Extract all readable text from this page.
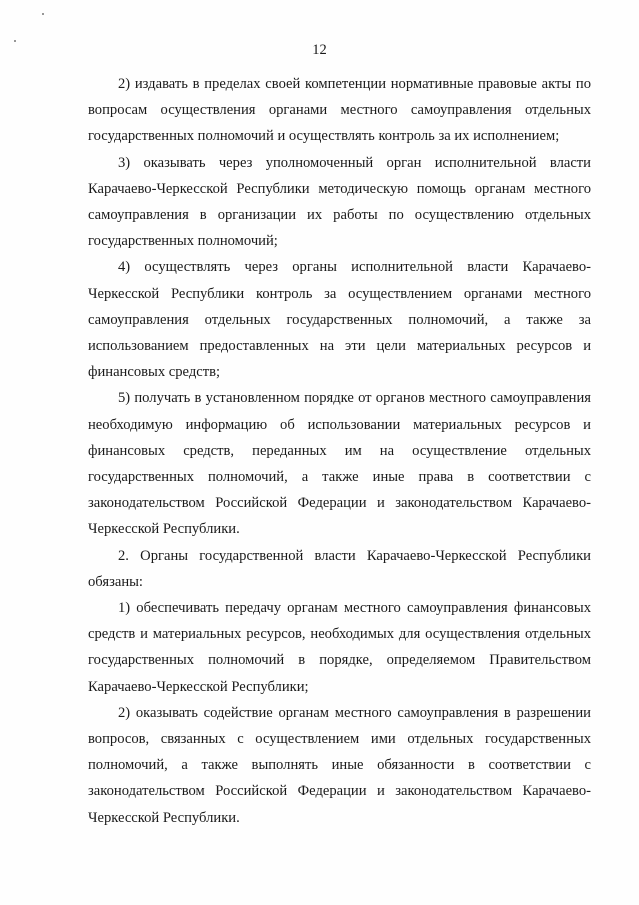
12

2) издавать в пределах своей компетенции нормативные правовые акты по вопросам осуществления органами местного самоуправления отдельных государственных полномочий и осуществлять контроль за их исполнением;

3) оказывать через уполномоченный орган исполнительной власти Карачаево-Черкесской Республики методическую помощь органам местного самоуправления в организации их работы по осуществлению отдельных государственных полномочий;

4) осуществлять через органы исполнительной власти Карачаево-Черкесской Республики контроль за осуществлением органами местного самоуправления отдельных государственных полномочий, а также за использованием предоставленных на эти цели материальных ресурсов и финансовых средств;

5) получать в установленном порядке от органов местного самоуправления необходимую информацию об использовании материальных ресурсов и финансовых средств, переданных им на осуществление отдельных государственных полномочий, а также иные права в соответствии с законодательством Российской Федерации и законодательством Карачаево-Черкесской Республики.

2. Органы государственной власти Карачаево-Черкесской Республики обязаны:

1) обеспечивать передачу органам местного самоуправления финансовых средств и материальных ресурсов, необходимых для осуществления отдельных государственных полномочий в порядке, определяемом Правительством Карачаево-Черкесской Республики;

2) оказывать содействие органам местного самоуправления в разрешении вопросов, связанных с осуществлением ими отдельных государственных полномочий, а также выполнять иные обязанности в соответствии с законодательством Российской Федерации и законодательством Карачаево-Черкесской Республики.
